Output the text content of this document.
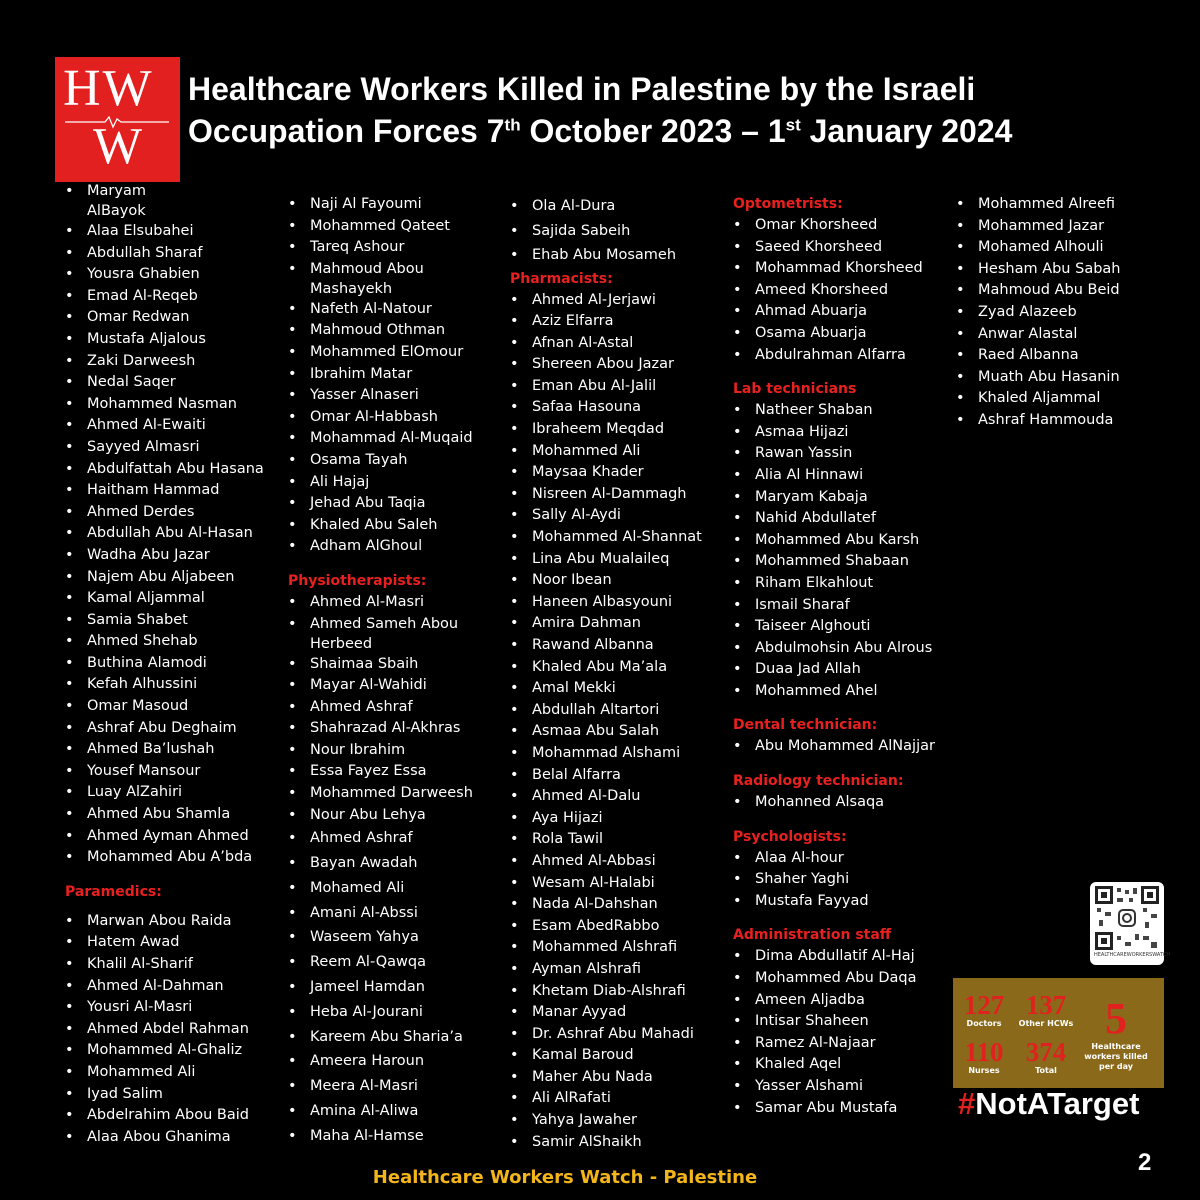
HW
W
Healthcare Workers Killed in Palestine by the Israeli
Occupation Forces 7th October 2023 – 1st January 2024
• Maryam AlBayok
• Alaa Elsubahei
• Abdullah Sharaf
• Yousra Ghabien
• Emad Al-Reqeb
• Omar Redwan
• Mustafa Aljalous
• Zaki Darweesh
• Nedal Saqer
• Mohammed Nasman
• Ahmed Al-Ewaiti
• Sayyed Almasri
• Abdulfattah Abu Hasana
• Haitham Hammad
• Ahmed Derdes
• Abdullah Abu Al-Hasan
• Wadha Abu Jazar
• Najem Abu Aljabeen
• Kamal Aljammal
• Samia Shabet
• Ahmed Shehab
• Buthina Alamodi
• Kefah Alhussini
• Omar Masoud
• Ashraf Abu Deghaim
• Ahmed Ba’lushah
• Yousef Mansour
• Luay AlZahiri
• Ahmed Abu Shamla
• Ahmed Ayman Ahmed
• Mohammed Abu A’bda
Paramedics:
• Marwan Abou Raida
• Hatem Awad
• Khalil Al-Sharif
• Ahmed Al-Dahman
• Yousri Al-Masri
• Ahmed Abdel Rahman
• Mohammed Al-Ghaliz
• Mohammed Ali
• Iyad Salim
• Abdelrahim Abou Baid
• Alaa Abou Ghanima
• Naji Al Fayoumi
• Mohammed Qateet
• Tareq Ashour
• Mahmoud Abou Mashayekh
• Nafeth Al-Natour
• Mahmoud Othman
• Mohammed ElOmour
• Ibrahim Matar
• Yasser Alnaseri
• Omar Al-Habbash
• Mohammad Al-Muqaid
• Osama Tayah
• Ali Hajaj
• Jehad Abu Taqia
• Khaled Abu Saleh
• Adham AlGhoul
Physiotherapists:
• Ahmed Al-Masri
• Ahmed Sameh Abou Herbeed
• Shaimaa Sbaih
• Mayar Al-Wahidi
• Ahmed Ashraf
• Shahrazad Al-Akhras
• Nour Ibrahim
• Essa Fayez Essa
• Mohammed Darweesh
• Nour Abu Lehya
• Ahmed Ashraf
• Bayan Awadah
• Mohamed Ali
• Amani Al-Abssi
• Waseem Yahya
• Reem Al-Qawqa
• Jameel Hamdan
• Heba Al-Jourani
• Kareem Abu Sharia’a
• Ameera Haroun
• Meera Al-Masri
• Amina Al-Aliwa
• Maha Al-Hamse
• Ola Al-Dura
• Sajida Sabeih
• Ehab Abu Mosameh
Pharmacists:
• Ahmed Al-Jerjawi
• Aziz Elfarra
• Afnan Al-Astal
• Shereen Abou Jazar
• Eman Abu Al-Jalil
• Safaa Hasouna
• Ibraheem Meqdad
• Mohammed Ali
• Maysaa Khader
• Nisreen Al-Dammagh
• Sally Al-Aydi
• Mohammed Al-Shannat
• Lina Abu Mualaileq
• Noor Ibean
• Haneen Albasyouni
• Amira Dahman
• Rawand Albanna
• Khaled Abu Ma’ala
• Amal Mekki
• Abdullah Altartori
• Asmaa Abu Salah
• Mohammad Alshami
• Belal Alfarra
• Ahmed Al-Dalu
• Aya Hijazi
• Rola Tawil
• Ahmed Al-Abbasi
• Wesam Al-Halabi
• Nada Al-Dahshan
• Esam AbedRabbo
• Mohammed Alshrafi
• Ayman Alshrafi
• Khetam Diab-Alshrafi
• Manar Ayyad
• Dr. Ashraf Abu Mahadi
• Kamal Baroud
• Maher Abu Nada
• Ali AlRafati
• Yahya Jawaher
• Samir AlShaikh
Optometrists:
• Omar Khorsheed
• Saeed Khorsheed
• Mohammad Khorsheed
• Ameed Khorsheed
• Ahmad Abuarja
• Osama Abuarja
• Abdulrahman Alfarra
Lab technicians
• Natheer Shaban
• Asmaa Hijazi
• Rawan Yassin
• Alia Al Hinnawi
• Maryam Kabaja
• Nahid Abdullatef
• Mohammed Abu Karsh
• Mohammed Shabaan
• Riham Elkahlout
• Ismail Sharaf
• Taiseer Alghouti
• Abdulmohsin Abu Alrous
• Duaa Jad Allah
• Mohammed Ahel
Dental technician:
• Abu Mohammed AlNajjar
Radiology technician:
• Mohanned Alsaqa
Psychologists:
• Alaa Al-hour
• Shaher Yaghi
• Mustafa Fayyad
Administration staff
• Dima Abdullatif Al-Haj
• Mohammed Abu Daqa
• Ameen Aljadba
• Intisar Shaheen
• Ramez Al-Najaar
• Khaled Aqel
• Yasser Alshami
• Samar Abu Mustafa
• Mohammed Alreefi
• Mohammed Jazar
• Mohamed Alhouli
• Hesham Abu Sabah
• Mahmoud Abu Beid
• Zyad Alazeeb
• Anwar Alastal
• Raed Albanna
• Muath Abu Hasanin
• Khaled Aljammal
• Ashraf Hammouda
HEALTHCAREWORKERSWATCH
127
Doctors
137
Other HCWs
110
Nurses
374
Total
5
Healthcare workers killed per day
#NotATarget
Healthcare Workers Watch - Palestine
2
